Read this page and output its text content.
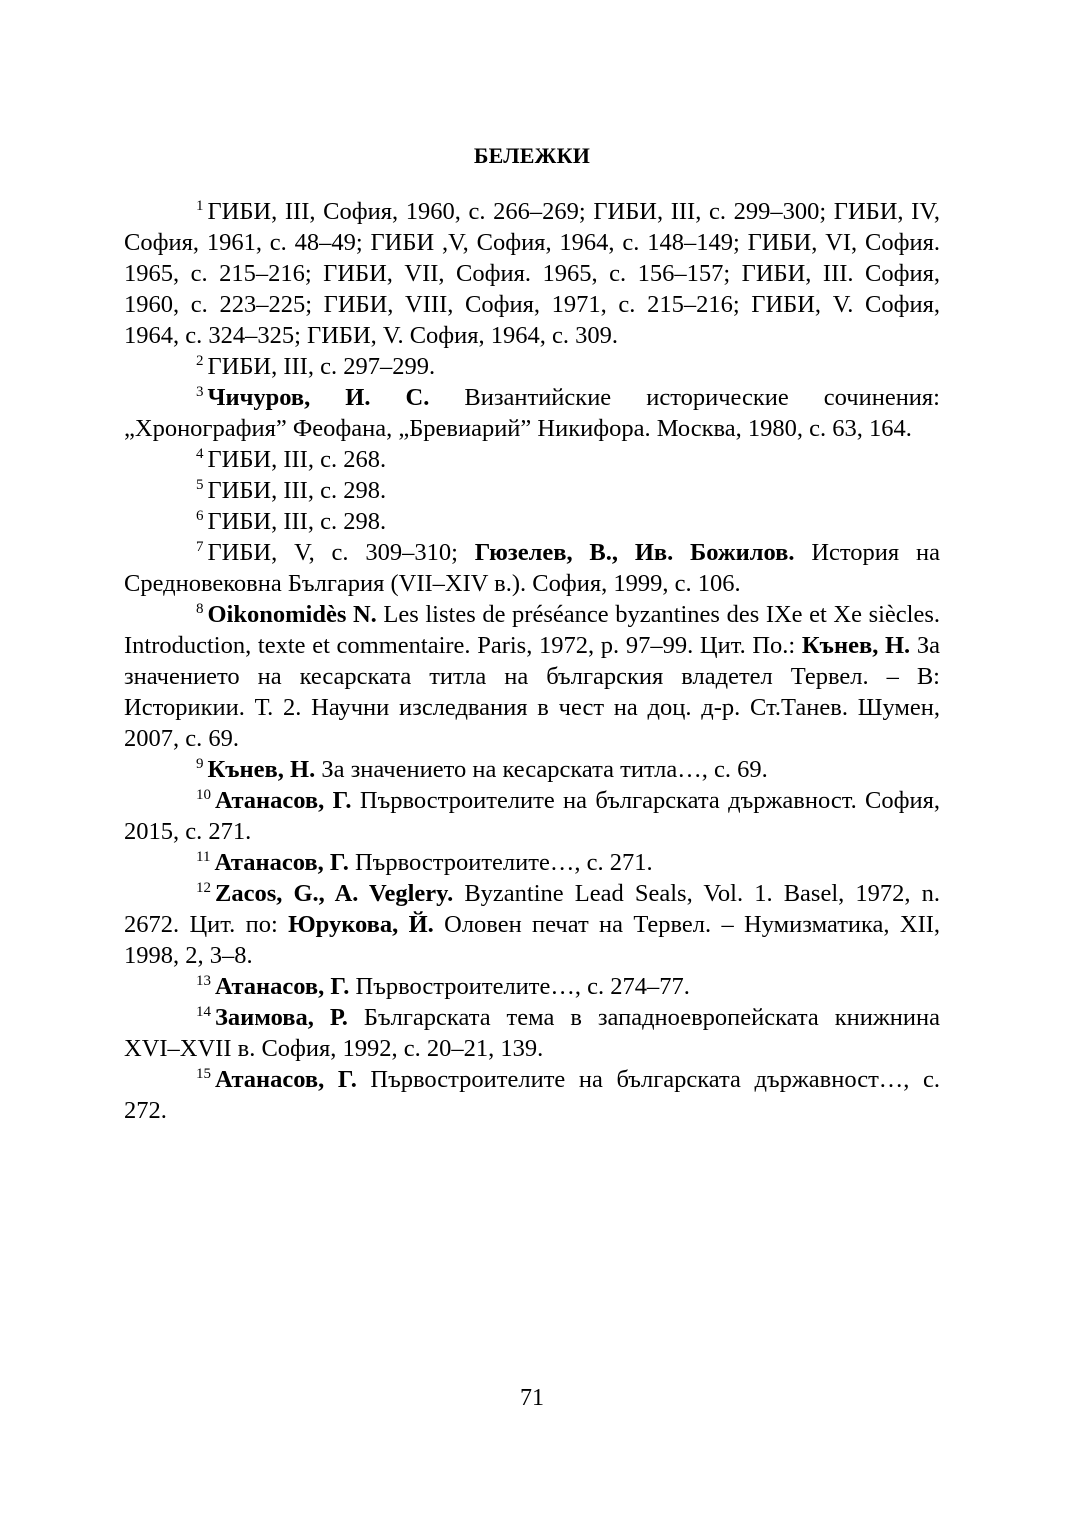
БЕЛЕЖКИ

$^1$ ГИБИ, III, София, 1960, с. 266–269; ГИБИ, III, с. 299–300; ГИБИ, IV, София, 1961, с. 48–49; ГИБИ ,V, София, 1964, с. 148–149; ГИБИ, VI, София. 1965, с. 215–216; ГИБИ, VII, София. 1965, с. 156–157; ГИБИ, III. София, 1960, с. 223–225; ГИБИ, VIII, София, 1971, с. 215–216; ГИБИ, V. София, 1964, с. 324–325; ГИБИ, V. София, 1964, с. 309.

$^2$ ГИБИ, III, с. 297–299.

$^3$ Чичуров, И. С. Византийские исторические сочинения: „Хронография” Феофана, „Бревиарий” Никифора. Москва, 1980, с. 63, 164.

$^4$ ГИБИ, III, с. 268.

$^5$ ГИБИ, III, с. 298.

$^6$ ГИБИ, III, с. 298.

$^7$ ГИБИ, V, с. 309–310; Гюзелев, В., Ив. Божилов. История на Средновековна България (VII–XIV в.). София, 1999, с. 106.

$^8$ Oikonomidès N. Les listes de préséance byzantines des IXe et Xe siècles. Introduction, texte et commentaire. Paris, 1972, p. 97–99. Цит. По.: Кънев, Н. За значението на кесарската титла на българския владетел Тервел. – В: Историкии. Т. 2. Научни изследвания в чест на доц. д-р. Ст.Танев. Шумен, 2007, с. 69.

$^9$ Кънев, Н. За значението на кесарската титла…, с. 69.

$^{10}$ Атанасов, Г. Първостроителите на българската държавност. София, 2015, с. 271.

$^{11}$ Атанасов, Г. Първостроителите…, с. 271.

$^{12}$ Zacos, G., A. Veglery. Byzantine Lead Seals, Vol. 1. Basel, 1972, n. 2672. Цит. по: Юрукова, Й. Оловен печат на Тервел. – Нумизматика, XII, 1998, 2, 3–8.

$^{13}$ Атанасов, Г. Първостроителите…, с. 274–77.

$^{14}$ Заимова, Р. Българската тема в западноевропейската книжнина XVI–XVII в. София, 1992, с. 20–21, 139.

$^{15}$ Атанасов, Г. Първостроителите на българската държавност…, с. 272.

71
